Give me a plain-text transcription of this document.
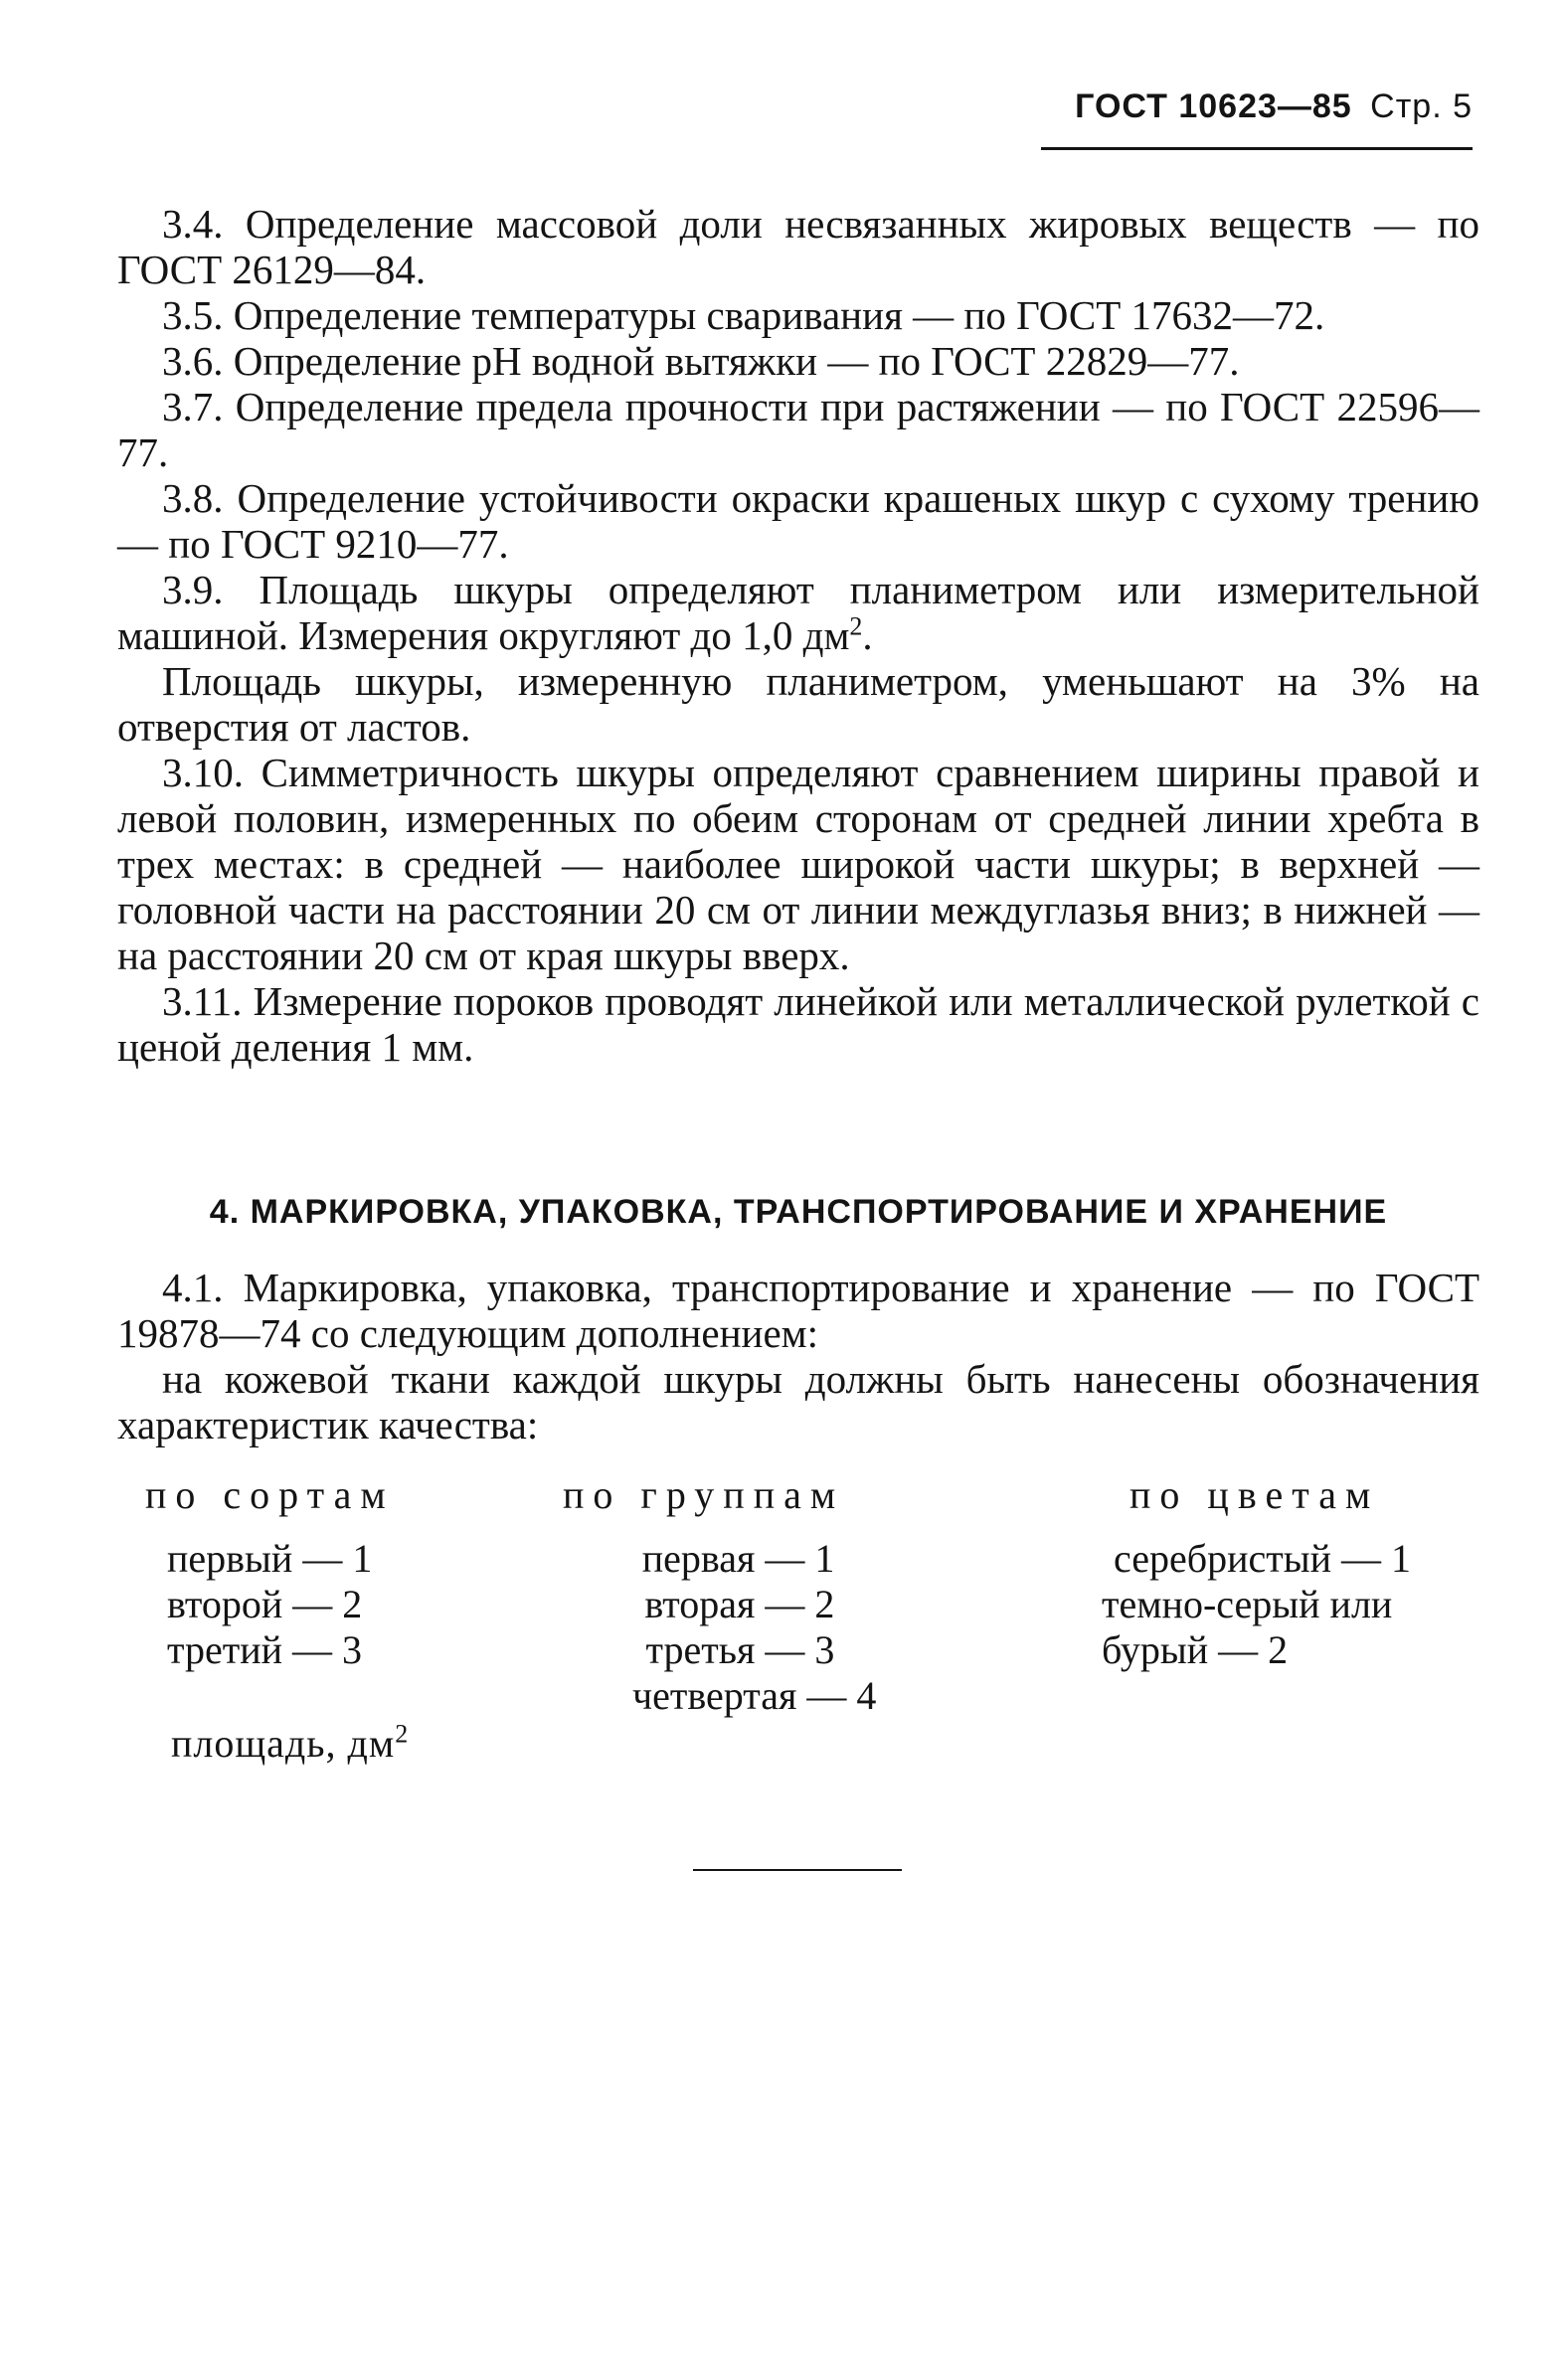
ГОСТ 10623—85 Стр. 5

3.4. Определение массовой доли несвязанных жировых веществ — по ГОСТ 26129—84.

3.5. Определение температуры сваривания — по ГОСТ 17632—72.

3.6. Определение pH водной вытяжки — по ГОСТ 22829—77.

3.7. Определение предела прочности при растяжении — по ГОСТ 22596—77.

3.8. Определение устойчивости окраски крашеных шкур с сухому трению — по ГОСТ 9210—77.

3.9. Площадь шкуры определяют планиметром или измерительной машиной. Измерения округляют до 1,0 $дм^2$.

Площадь шкуры, измеренную планиметром, уменьшают на 3% на отверстия от ластов.

3.10. Симметричность шкуры определяют сравнением ширины правой и левой половин, измеренных по обеим сторонам от средней линии хребта в трех местах: в средней — наиболее широкой части шкуры; в верхней — головной части на расстоянии 20 см от линии междуглазья вниз; в нижней — на расстоянии 20 см от края шкуры вверх.

3.11. Измерение пороков проводят линейкой или металлической рулеткой с ценой деления 1 мм.

4. МАРКИРОВКА, УПАКОВКА, ТРАНСПОРТИРОВАНИЕ И ХРАНЕНИЕ

4.1. Маркировка, упаковка, транспортирование и хранение — по ГОСТ 19878—74 со следующим дополнением:

на кожевой ткани каждой шкуры должны быть нанесены обозначения характеристик качества:

по сортам	по группам	по цветам
первый — 1
второй — 2
третий — 3
первая — 1
вторая — 2
третья — 3
четвертая — 4
серебристый — 1
темно-серый или
бурый — 2
площадь, $дм^2$
